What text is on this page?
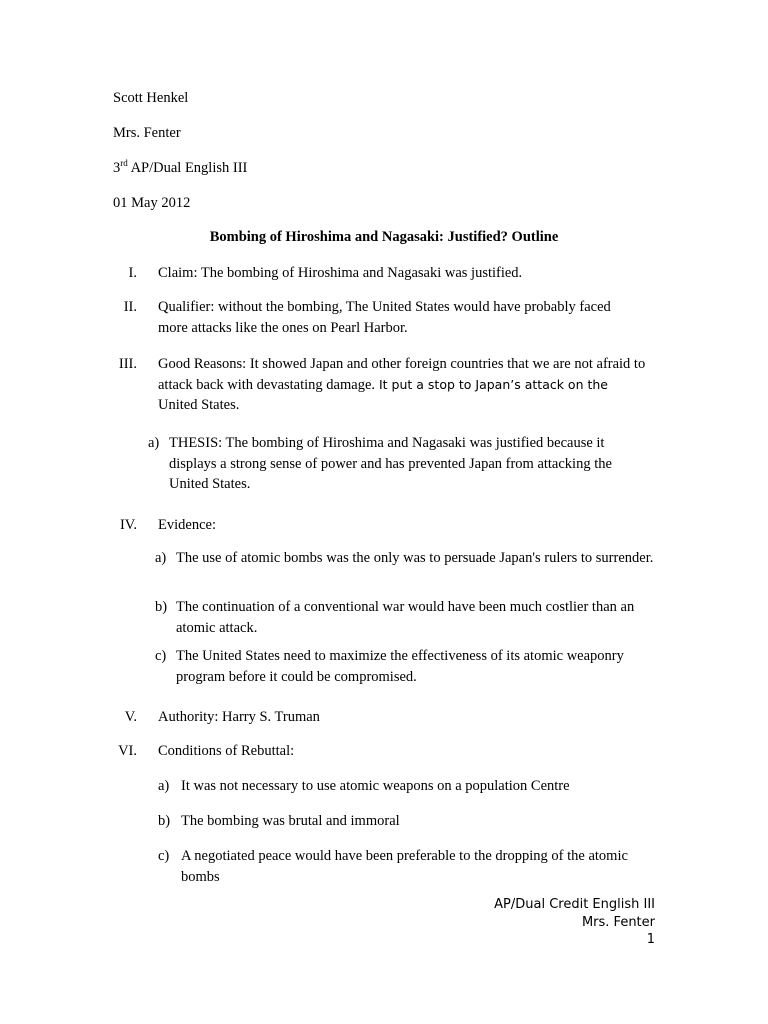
Scott Henkel
Mrs. Fenter
3rd AP/Dual English III
01 May 2012
Bombing of Hiroshima and Nagasaki: Justified? Outline
I. Claim: The bombing of Hiroshima and Nagasaki was justified.
II. Qualifier: without the bombing, The United States would have probably faced more attacks like the ones on Pearl Harbor.
III. Good Reasons: It showed Japan and other foreign countries that we are not afraid to attack back with devastating damage. It put a stop to Japan’s attack on the
United States.
a) THESIS: The bombing of Hiroshima and Nagasaki was justified because it displays a strong sense of power and has prevented Japan from attacking the United States.
IV. Evidence:
a) The use of atomic bombs was the only was to persuade Japan's rulers to surrender.
b) The continuation of a conventional war would have been much costlier than an atomic attack.
c) The United States need to maximize the effectiveness of its atomic weaponry program before it could be compromised.
V. Authority: Harry S. Truman
VI. Conditions of Rebuttal:
a) It was not necessary to use atomic weapons on a population Centre
b) The bombing was brutal and immoral
c) A negotiated peace would have been preferable to the dropping of the atomic bombs
AP/Dual Credit English III
Mrs. Fenter
1
